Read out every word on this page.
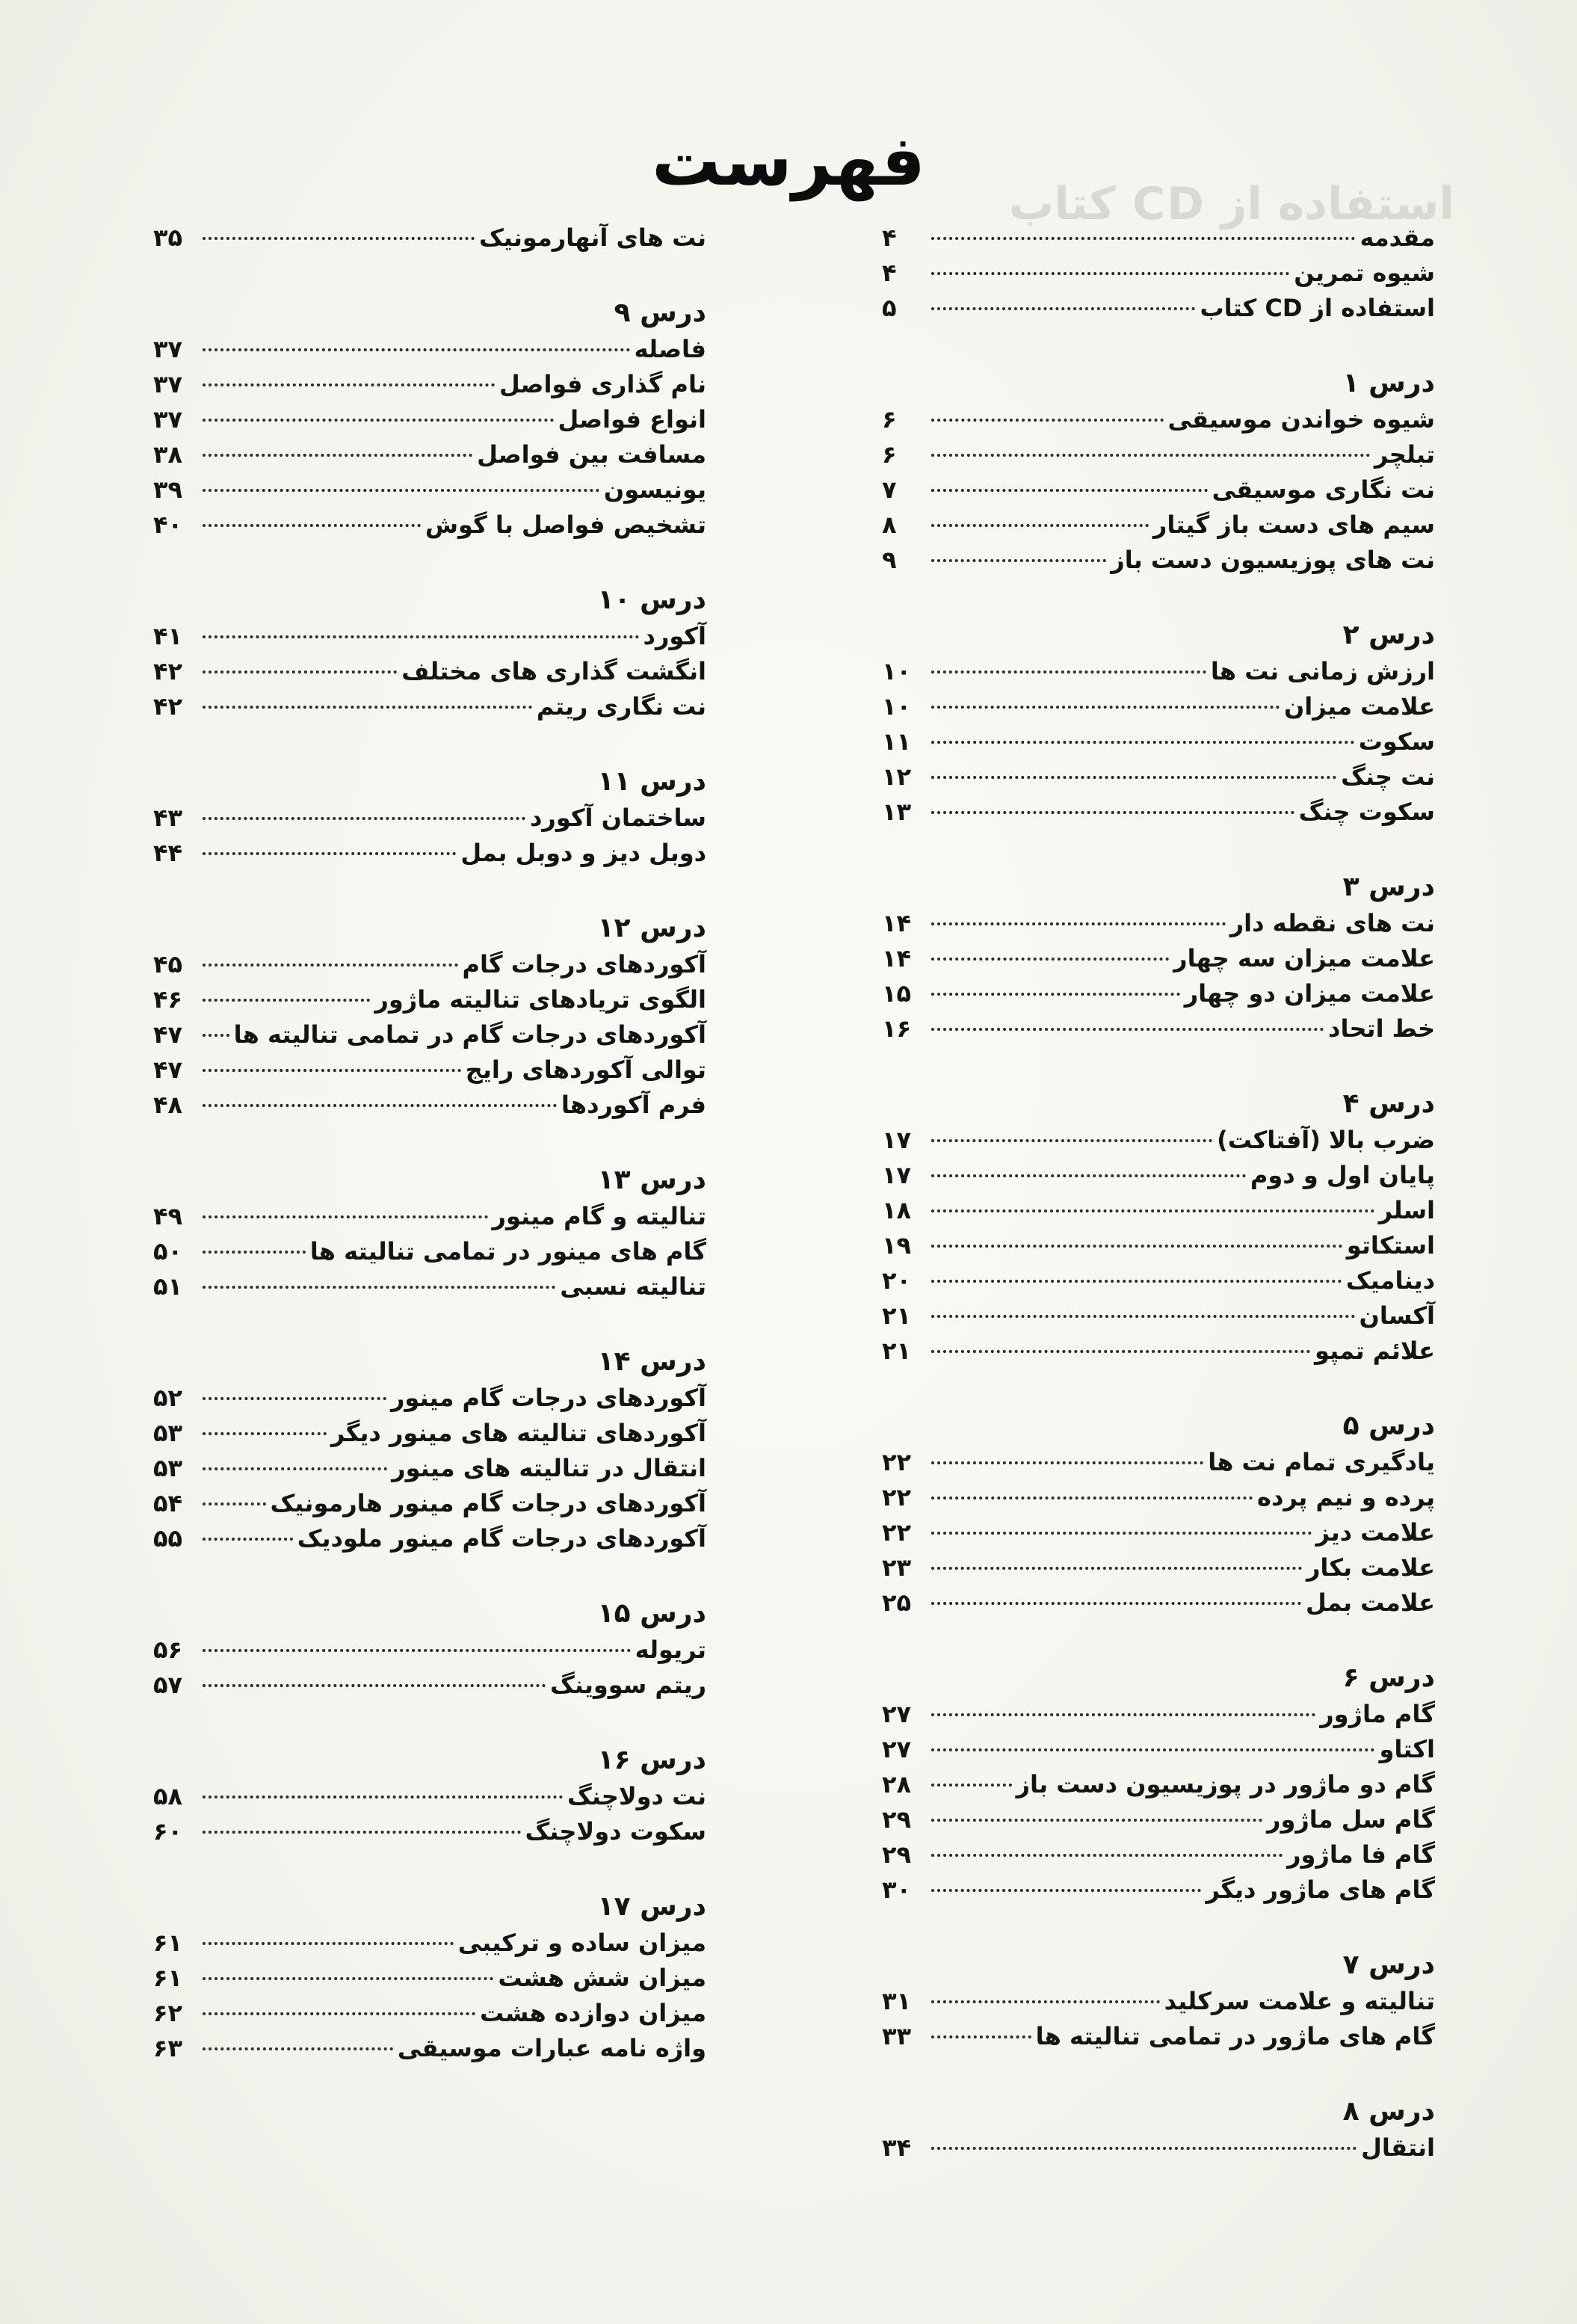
استفاده از CD کتاب
فهرست
مقدمه
۴
شیوه تمرین
۴
استفاده از CD کتاب
۵
درس ۱
شیوه خواندن موسیقی
۶
تبلچر
۶
نت نگاری موسیقی
۷
سیم های دست باز گیتار
۸
نت های پوزیسیون دست باز
۹
درس ۲
ارزش زمانی نت ها
۱۰
علامت میزان
۱۰
سکوت
۱۱
نت چنگ
۱۲
سکوت چنگ
۱۳
درس ۳
نت های نقطه دار
۱۴
علامت میزان سه چهار
۱۴
علامت میزان دو چهار
۱۵
خط اتحاد
۱۶
درس ۴
ضرب بالا (آفتاکت)
۱۷
پایان اول و دوم
۱۷
اسلر
۱۸
استکاتو
۱۹
دینامیک
۲۰
آکسان
۲۱
علائم تمپو
۲۱
درس ۵
یادگیری تمام نت ها
۲۲
پرده و نیم پرده
۲۲
علامت دیز
۲۲
علامت بکار
۲۳
علامت بمل
۲۵
درس ۶
گام ماژور
۲۷
اکتاو
۲۷
گام دو ماژور در پوزیسیون دست باز
۲۸
گام سل ماژور
۲۹
گام فا ماژور
۲۹
گام های ماژور دیگر
۳۰
درس ۷
تنالیته و علامت سرکلید
۳۱
گام های ماژور در تمامی تنالیته ها
۳۳
درس ۸
انتقال
۳۴
نت های آنهارمونیک
۳۵
درس ۹
فاصله
۳۷
نام گذاری فواصل
۳۷
انواع فواصل
۳۷
مسافت بین فواصل
۳۸
یونیسون
۳۹
تشخیص فواصل با گوش
۴۰
درس ۱۰
آکورد
۴۱
انگشت گذاری های مختلف
۴۲
نت نگاری ریتم
۴۲
درس ۱۱
ساختمان آکورد
۴۳
دوبل دیز و دوبل بمل
۴۴
درس ۱۲
آکوردهای درجات گام
۴۵
الگوی تریادهای تنالیته ماژور
۴۶
آکوردهای درجات گام در تمامی تنالیته ها
۴۷
توالی آکوردهای رایج
۴۷
فرم آکوردها
۴۸
درس ۱۳
تنالیته و گام مینور
۴۹
گام های مینور در تمامی تنالیته ها
۵۰
تنالیته نسبی
۵۱
درس ۱۴
آکوردهای درجات گام مینور
۵۲
آکوردهای تنالیته های مینور دیگر
۵۳
انتقال در تنالیته های مینور
۵۳
آکوردهای درجات گام مینور هارمونیک
۵۴
آکوردهای درجات گام مینور ملودیک
۵۵
درس ۱۵
تریوله
۵۶
ریتم سووینگ
۵۷
درس ۱۶
نت دولاچنگ
۵۸
سکوت دولاچنگ
۶۰
درس ۱۷
میزان ساده و ترکیبی
۶۱
میزان شش هشت
۶۱
میزان دوازده هشت
۶۲
واژه نامه عبارات موسیقی
۶۳
